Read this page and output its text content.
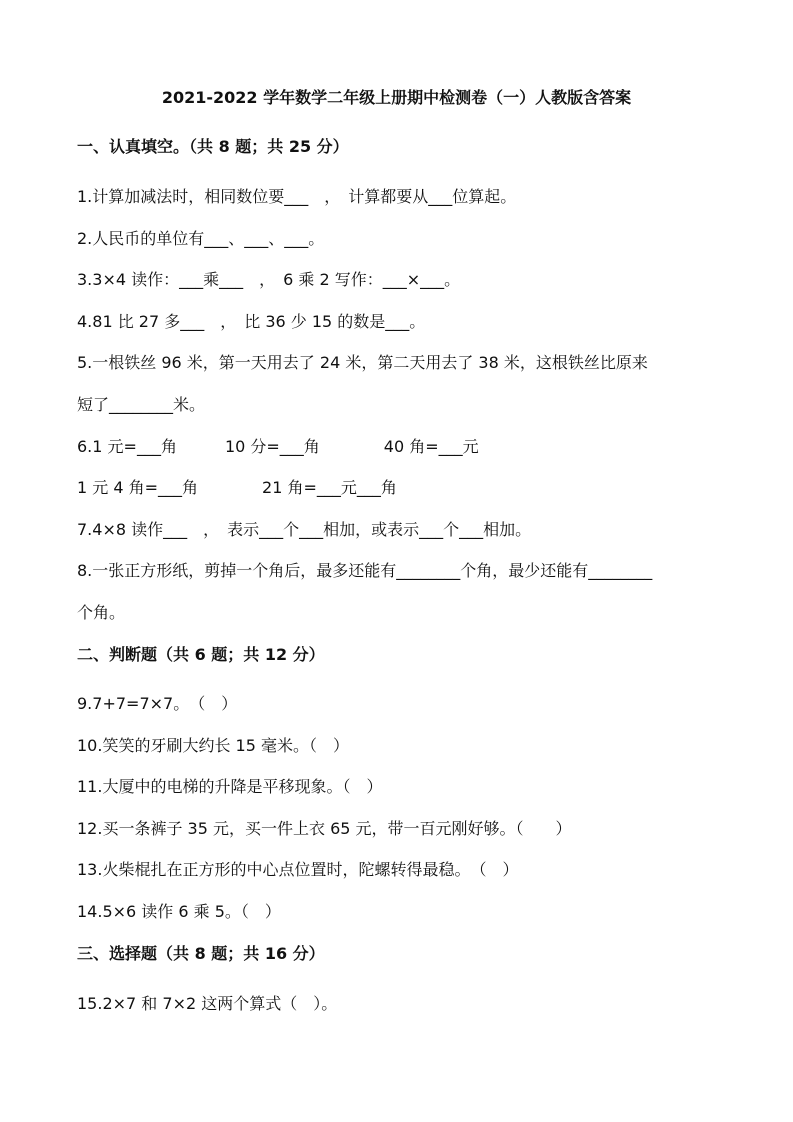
2021-2022 学年数学二年级上册期中检测卷（一）人教版含答案
一、认真填空。（共 8 题；共 25 分）
1.计算加减法时，相同数位要___　，　计算都要从___位算起。
2.人民币的单位有___、___、___。
3.3×4 读作：___乘___　，　6 乘 2 写作：___×___。
4.81 比 27 多___　，　比 36 少 15 的数是___。
5.一根铁丝 96 米，第一天用去了 24 米，第二天用去了 38 米，这根铁丝比原来
短了________米。
6.1 元=___角　　　10 分=___角　　　　40 角=___元
1 元 4 角=___角　　　　21 角=___元___角
7.4×8 读作___　，　表示___个___相加，或表示___个___相加。
8.一张正方形纸，剪掉一个角后，最多还能有________个角，最少还能有________
个角。
二、判断题（共 6 题；共 12 分）
9.7+7=7×7。　（　）
10.笑笑的牙刷大约长 15 毫米。（　）
11.大厦中的电梯的升降是平移现象。（　）
12.买一条裤子 35 元，买一件上衣 65 元，带一百元刚好够。（　　）
13.火柴棍扎在正方形的中心点位置时，陀螺转得最稳。　（　）
14.5×6 读作 6 乘 5。（　）
三、选择题（共 8 题；共 16 分）
15.2×7 和 7×2 这两个算式（　）。
